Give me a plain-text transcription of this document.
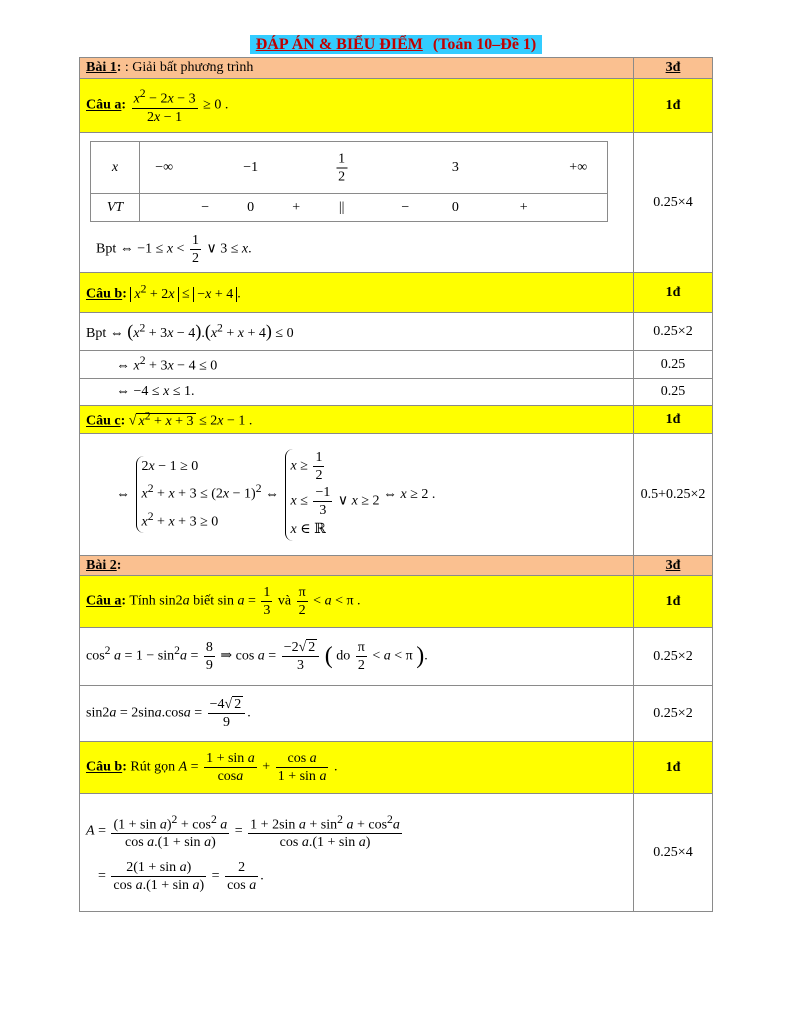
ĐÁP ÁN & BIỂU ĐIỂM (Toán 10–Đề 1)
Bài 1: : Giải bất phương trình	3đ
Câu a: $\frac{x^2 - 2x - 3}{2x - 1} \ge 0$ .	1đ

x	−∞	−1	$\frac{1}{2}$	3	+∞

VT	−	0	+	||	−	0	+
Bpt ⇔ $-1 \le x < \frac{1}{2}$ ∨ 3 ≤ x.
	0.25×4
Câu b: $x^2 + 2x \le -x + 4$ .	1đ
Bpt ⇔ $(x^2 + 3x - 4).(x^2 + x + 4) \le 0$	0.25×2
⇔ $x^2 + 3x - 4 \le 0$	0.25
⇔ −4 ≤ x ≤ 1.	0.25
Câu c: √ $x^2 + x + 3 \le 2x - 1$ .	1đ
⇔
2x − 1 ≥ 0
$x^2 + x + 3 \le (2x - 1)^2$
$x^2 + x + 3 \ge 0$
⇔
$x \ge \frac{1}{2}$
$x \le \frac{-1}{3}$ ∨ x ≥ 2
x ∈ ℝ
⇔ x ≥ 2 .	0.5+0.25×2
Bài 2:	3đ
Câu a: Tính sin2a biết $\sin a = \frac{1}{3}$ và $\frac{\pi}{2} < a < \pi$ .	1đ
$\cos^2 a = 1 - \sin^2a = \frac{8}{9}$ ⇒ $\cos a = \frac{-2√ 2}{3}$ ( do $\frac{\pi}{2} < a < \pi$ ).	0.25×2
$\sin 2a = 2\sin a.\cos a = \frac{-4√ 2}{9}$ .	0.25×2
Câu b: Rút gọn $A = \frac{\text{1 + sin a}}{\cos a} + \frac{\text{cos a}}{\text{1 + sin a}}$ .	1đ

$A = \frac{(1 + \sin a)^2 + \cos^2 a}{\text{cos a.(1 + sin a)}} = \frac{1 + 2\sin a + \sin^2 a + \cos^2a}{\text{cos a.(1 + sin a)}}$
= $\frac{\text{2(1 + sin a)}}{\text{cos a.(1 + sin a)}} = \frac{2}{\text{cos a}}$ .
	0.25×4
